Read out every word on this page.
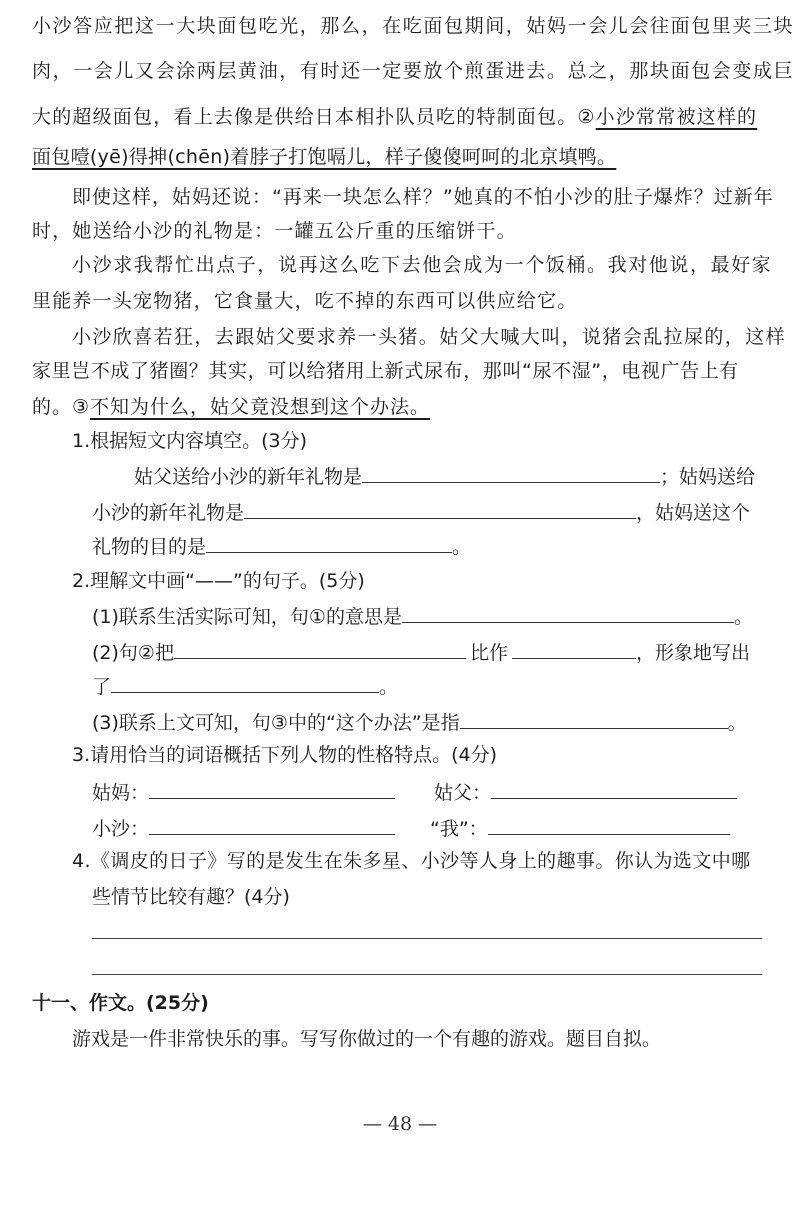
小沙答应把这一大块面包吃光，那么，在吃面包期间，姑妈一会儿会往面包里夹三块
肉，一会儿又会涂两层黄油，有时还一定要放个煎蛋进去。总之，那块面包会变成巨
大的超级面包，看上去像是供给日本相扑队员吃的特制面包。②小沙常常被这样的
面包噎(yē)得抻(chēn)着脖子打饱嗝儿，样子傻傻呵呵的北京填鸭。
即使这样，姑妈还说：“再来一块怎么样？”她真的不怕小沙的肚子爆炸？过新年
时，她送给小沙的礼物是：一罐五公斤重的压缩饼干。
小沙求我帮忙出点子，说再这么吃下去他会成为一个饭桶。我对他说，最好家
里能养一头宠物猪，它食量大，吃不掉的东西可以供应给它。
小沙欣喜若狂，去跟姑父要求养一头猪。姑父大喊大叫，说猪会乱拉屎的，这样
家里岂不成了猪圈？其实，可以给猪用上新式尿布，那叫“尿不湿”，电视广告上有
的。③不知为什么，姑父竟没想到这个办法。
1.根据短文内容填空。(3分)
姑父送给小沙的新年礼物是	；姑妈送给
小沙的新年礼物是	，姑妈送这个
礼物的目的是	。
2.理解文中画“——”的句子。(5分)
(1)联系生活实际可知，句①的意思是	。
(2)句②把	比作	，形象地写出
了	。
(3)联系上文可知，句③中的“这个办法”是指	。
3.请用恰当的词语概括下列人物的性格特点。(4分)
姑妈：	姑父：
小沙：	“我”：
4.《调皮的日子》写的是发生在朱多星、小沙等人身上的趣事。你认为选文中哪
些情节比较有趣？(4分)
十一、作文。(25分)
游戏是一件非常快乐的事。写写你做过的一个有趣的游戏。题目自拟。
— 48 —
